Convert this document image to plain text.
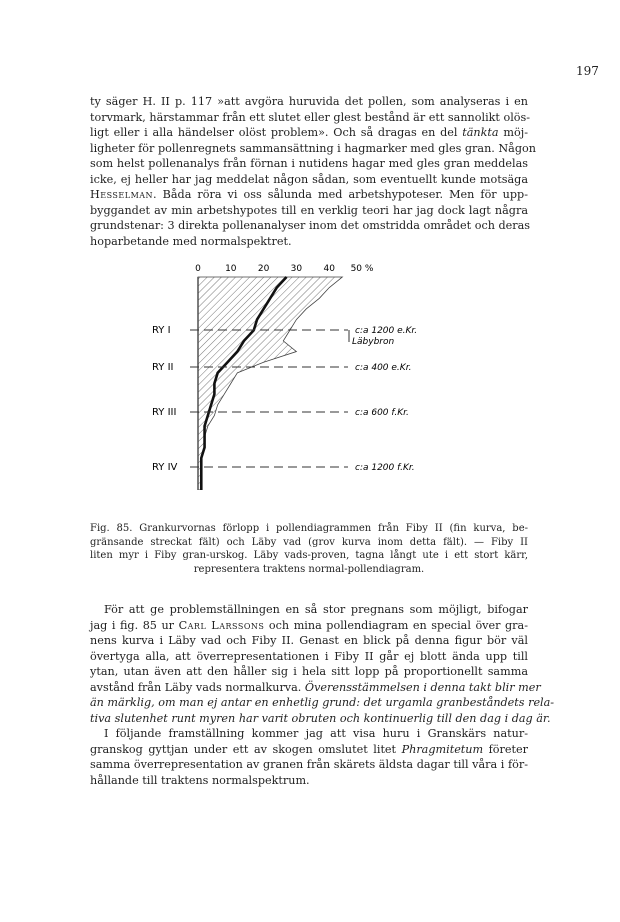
197

ty säger H. II p. 117 »att avgöra huruvida det pollen, som analyseras i en
torvmark, härstammar från ett slutet eller glest bestånd är ett sannolikt olös-
ligt eller i alla händelser olöst problem». Och så dragas en del tänkta möj-
ligheter för pollenregnets sammansättning i hagmarker med gles gran. Någon
som helst pollenanalys från förnan i nutidens hagar med gles gran meddelas
icke, ej heller har jag meddelat någon sådan, som eventuellt kunde motsäga
Hesselman. Båda röra vi oss sålunda med arbetshypoteser. Men för upp-
byggandet av min arbetshypotes till en verklig teori har jag dock lagt några
grundstenar: 3 direkta pollenanalyser inom det omstridda området och deras
hoparbetande med normalspektret.

0	10 20 30 40 50 %
RY I	c:a 1200 e.Kr.
Läbybron
RY II	c:a 400 e.Kr.
RY III	c:a 600 f.Kr.
RY IV	c:a 1200 f.Kr.

Fig. 85. Grankurvornas förlopp i pollendiagrammen från Fiby II (fin kurva, be-
gränsande streckat fält) och Läby vad (grov kurva inom detta fält). — Fiby II
liten myr i Fiby gran-urskog. Läby vads-proven, tagna långt ute i ett stort kärr,
representera traktens normal-pollendiagram.

För att ge problemställningen en så stor pregnans som möjligt, bifogar
jag i fig. 85 ur Carl Larssons och mina pollendiagram en special över gra-
nens kurva i Läby vad och Fiby II. Genast en blick på denna figur bör väl
övertyga alla, att överrepresentationen i Fiby II går ej blott ända upp till
ytan, utan även att den håller sig i hela sitt lopp på proportionellt samma
avstånd från Läby vads normalkurva. Överensstämmelsen i denna takt blir mer
än märklig, om man ej antar en enhetlig grund: det urgamla granbeståndets rela-
tiva slutenhet runt myren har varit obruten och kontinuerlig till den dag i dag är.

I följande framställning kommer jag att visa huru i Granskärs natur-
granskog gyttjan under ett av skogen omslutet litet Phragmitetum företer
samma överrepresentation av granen från skärets äldsta dagar till våra i för-
hållande till traktens normalspektrum.
